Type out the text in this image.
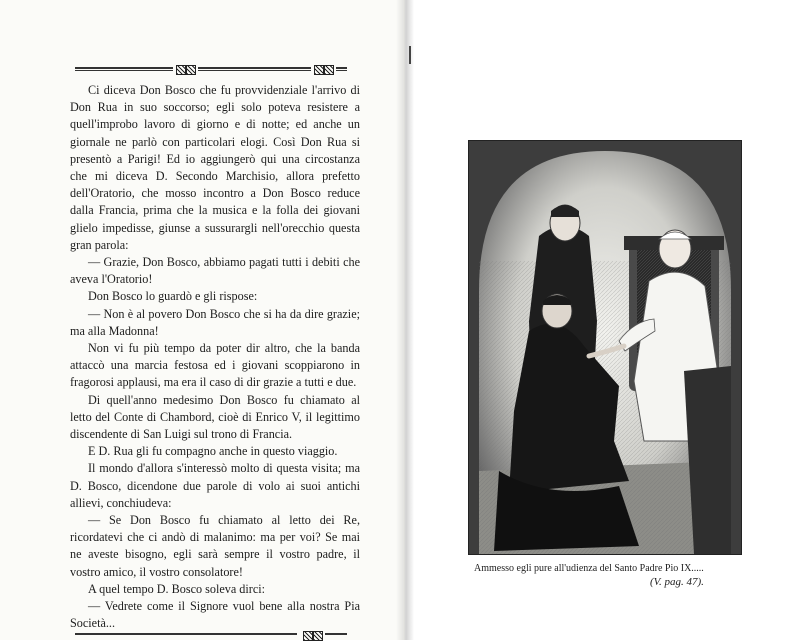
Ci diceva Don Bosco che fu provvidenziale l'arrivo di Don Rua in suo soccorso; egli solo poteva resistere a quell'improbo lavoro di giorno e di notte; ed anche un giornale ne parlò con particolari elogi. Così Don Rua si presentò a Parigi! Ed io aggiungerò qui una circostanza che mi diceva D. Secondo Marchisio, allora prefetto dell'Oratorio, che mosso incontro a Don Bosco reduce dalla Francia, prima che la musica e la folla dei giovani glielo impedisse, giunse a sussurargli nell'orecchio questa gran parola:

— Grazie, Don Bosco, abbiamo pagati tutti i debiti che aveva l'Oratorio!

Don Bosco lo guardò e gli rispose:

— Non è al povero Don Bosco che si ha da dire grazie; ma alla Madonna!

Non vi fu più tempo da poter dir altro, che la banda attaccò una marcia festosa ed i giovani scoppiarono in fragorosi applausi, ma era il caso di dir grazie a tutti e due.

Di quell'anno medesimo Don Bosco fu chiamato al letto del Conte di Chambord, cioè di Enrico V, il legittimo discendente di San Luigi sul trono di Francia.

E D. Rua gli fu compagno anche in questo viaggio.

Il mondo d'allora s'interessò molto di questa visita; ma D. Bosco, dicendone due parole di volo ai suoi antichi allievi, conchiudeva:

— Se Don Bosco fu chiamato al letto dei Re, ricordatevi che ci andò di malanimo: ma per voi? Se mai ne aveste bisogno, egli sarà sempre il vostro padre, il vostro amico, il vostro consolatore!

A quel tempo D. Bosco soleva dirci:

— Vedrete come il Signore vuol bene alla nostra Pia Società...

Ammesso egli pure all'udienza del Santo Padre Pio IX.....
(V. pag. 47).
